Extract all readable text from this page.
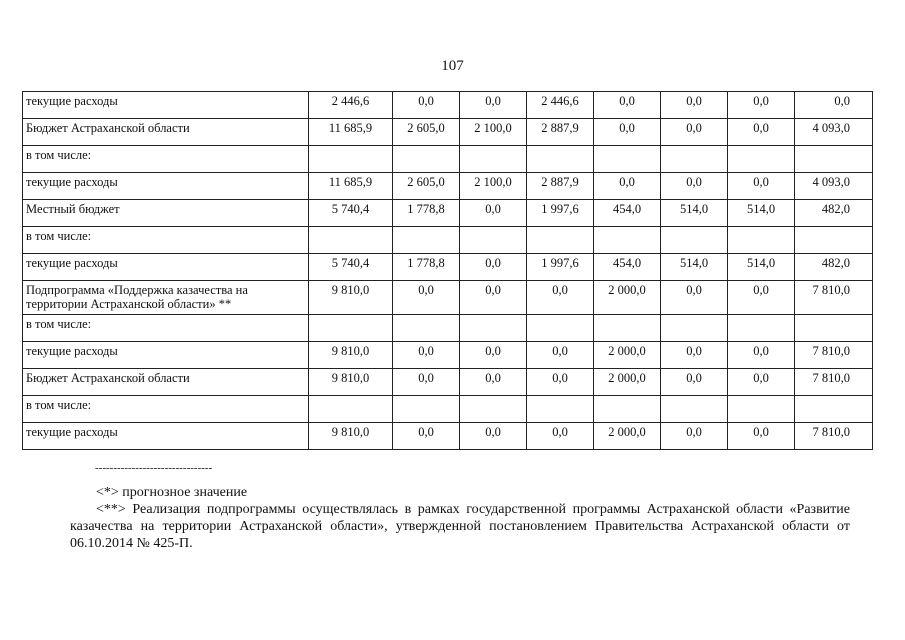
107
текущие расходы	2 446,6	0,0	0,0	2 446,6	0,0	0,0	0,0	0,0
Бюджет Астраханской области	11 685,9	2 605,0	2 100,0	2 887,9	0,0	0,0	0,0	4 093,0
в том числе:								
текущие расходы	11 685,9	2 605,0	2 100,0	2 887,9	0,0	0,0	0,0	4 093,0
Местный бюджет	5 740,4	1 778,8	0,0	1 997,6	454,0	514,0	514,0	482,0
в том числе:								
текущие расходы	5 740,4	1 778,8	0,0	1 997,6	454,0	514,0	514,0	482,0
Подпрограмма «Поддержка казачества на территории Астраханской области» **	9 810,0	0,0	0,0	0,0	2 000,0	0,0	0,0	7 810,0
в том числе:								
текущие расходы	9 810,0	0,0	0,0	0,0	2 000,0	0,0	0,0	7 810,0
Бюджет Астраханской области	9 810,0	0,0	0,0	0,0	2 000,0	0,0	0,0	7 810,0
в том числе:								
текущие расходы	9 810,0	0,0	0,0	0,0	2 000,0	0,0	0,0	7 810,0
--------------------------------

<*> прогнозное значение

<**> Реализация подпрограммы осуществлялась в рамках государственной программы Астраханской области «Развитие казачества на территории Астраханской области», утвержденной постановлением Правительства Астраханской области от 06.10.2014 № 425-П.
